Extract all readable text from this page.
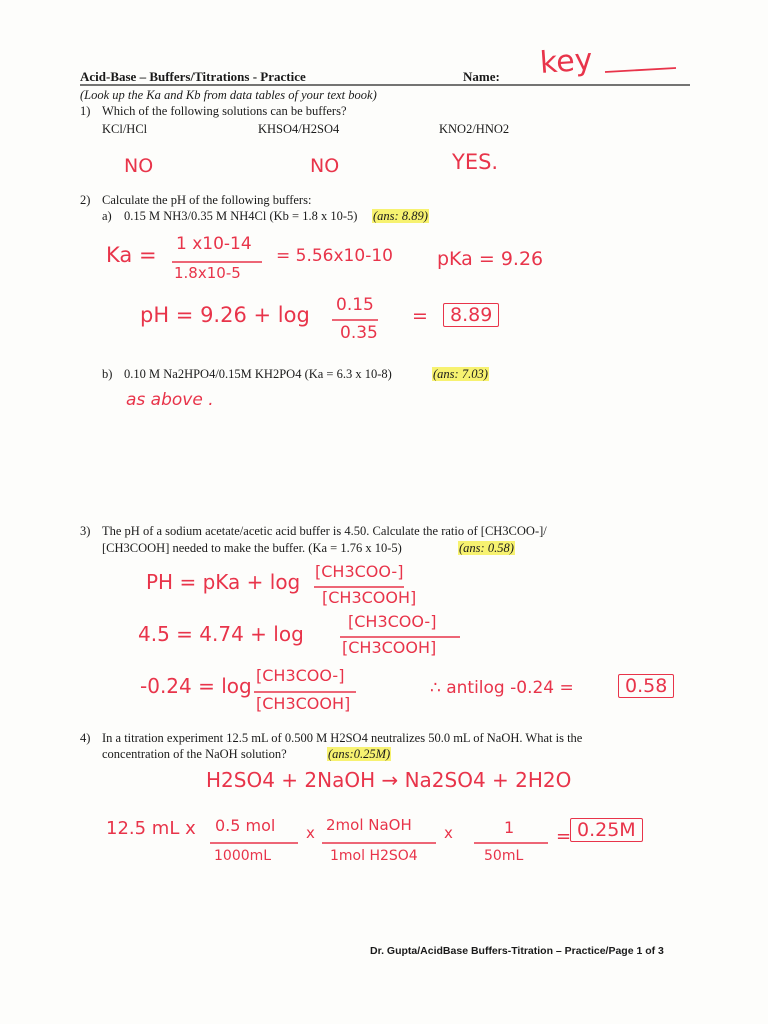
Acid-Base – Buffers/Titrations - Practice	Name: key
(Look up the Ka and Kb from data tables of your text book)
1) Which of the following solutions can be buffers?
KCl/HCl	KHSO4/H2SO4	KNO2/HNO2
NO	NO	YES.
2) Calculate the pH of the following buffers:
a) 0.15 M NH3/0.35 M NH4Cl (Kb = 1.8 x 10-5) (ans: 8.89)
Ka = 1 x10-14
1.8x10-5
= 5.56x10-10 pKa = 9.26
pH = 9.26 + log 0.15
0.35
=	8.89
b) 0.10 M Na2HPO4/0.15M KH2PO4 (Ka = 6.3 x 10-8)	(ans: 7.03)
as above .
3) The pH of a sodium acetate/acetic acid buffer is 4.50. Calculate the ratio of [CH3COO-]/
[CH3COOH] needed to make the buffer. (Ka = 1.76 x 10-5)	(ans: 0.58)
PH = pKa + log [CH3COO-]
[CH3COOH]
4.5 = 4.74 + log
[CH3COO-]
[CH3COOH]
-0.24 = log [CH3COO-]
[CH3COOH]
∴ antilog -0.24 =	0.58
4) In a titration experiment 12.5 mL of 0.500 M H2SO4 neutralizes 50.0 mL of NaOH. What is the
concentration of the NaOH solution?	(ans:0.25M)
H2SO4 + 2NaOH → Na2SO4 + 2H2O
12.5 mL x 0.5 mol
1000mL
x 2mol NaOH
1mol H2SO4
x	1
50mL
= 0.25M
Dr. Gupta/AcidBase Buffers-Titration – Practice/Page 1 of 3
